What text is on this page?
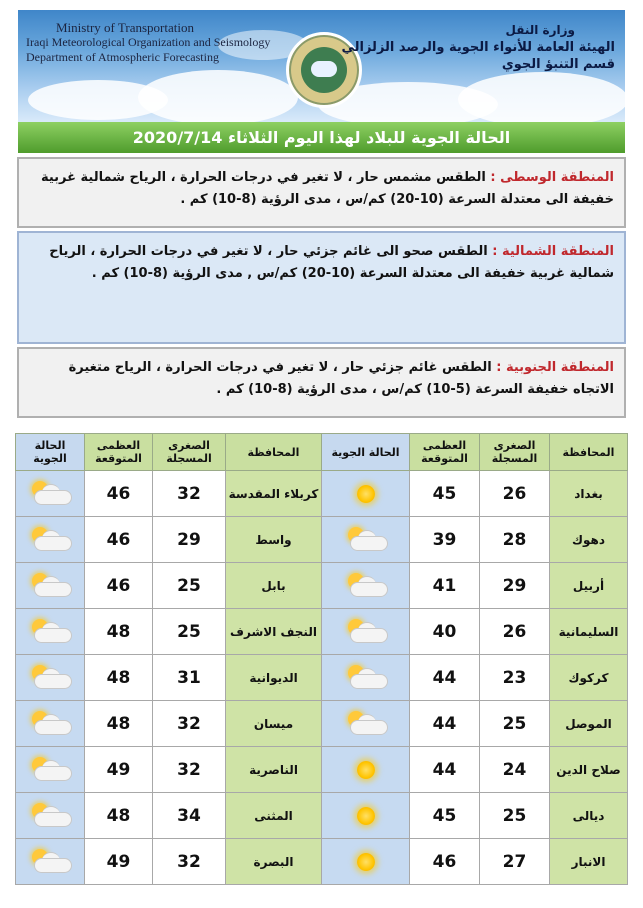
Ministry of Transportation
Iraqi Meteorological Organization and Seismology
Department of Atmospheric Forecasting
وزارة النقل
الهيئة العامة للأنواء الجوية والرصد الزلزالي
قسم التنبؤ الجوي
الحالة الجوية للبلاد لهذا اليوم الثلاثاء 2020/7/14

المنطقة الوسطى : الطقس مشمس حار ، لا تغير في درجات الحرارة ، الرياح شمالية غربية خفيفة الى معتدلة السرعة (10-20) كم/س ، مدى الرؤية (8-10) كم .

المنطقة الشمالية : الطقس صحو الى غائم جزئي حار ، لا تغير في درجات الحرارة ، الرياح شمالية غربية خفيفة الى معتدلة السرعة (10-20) كم/س , مدى الرؤية (8-10) كم .

المنطقة الجنوبية : الطقس غائم جزئي حار ، لا تغير في درجات الحرارة ، الرياح متغيرة الاتجاه خفيفة السرعة (5-10) كم/س ، مدى الرؤية (8-10) كم .

المحافظة	الصغرى المسجلة	العظمى المتوقعة	الحالة الجوية	المحافظة	الصغرى المسجلة	العظمى المتوقعة	الحالة الجوية
بغداد	26	45		كربلاء المقدسة	32	46	

دهوك	28	39		واسط	29	46	

أربيل	29	41		بابل	25	46	

السليمانية	26	40		النجف الاشرف	25	48	

كركوك	23	44		الديوانية	31	48	

الموصل	25	44		ميسان	32	48	

صلاح الدين	24	44		الناصرية	32	49	

ديالى	25	45		المثنى	34	48	

الانبار	27	46		البصرة	32	49	
